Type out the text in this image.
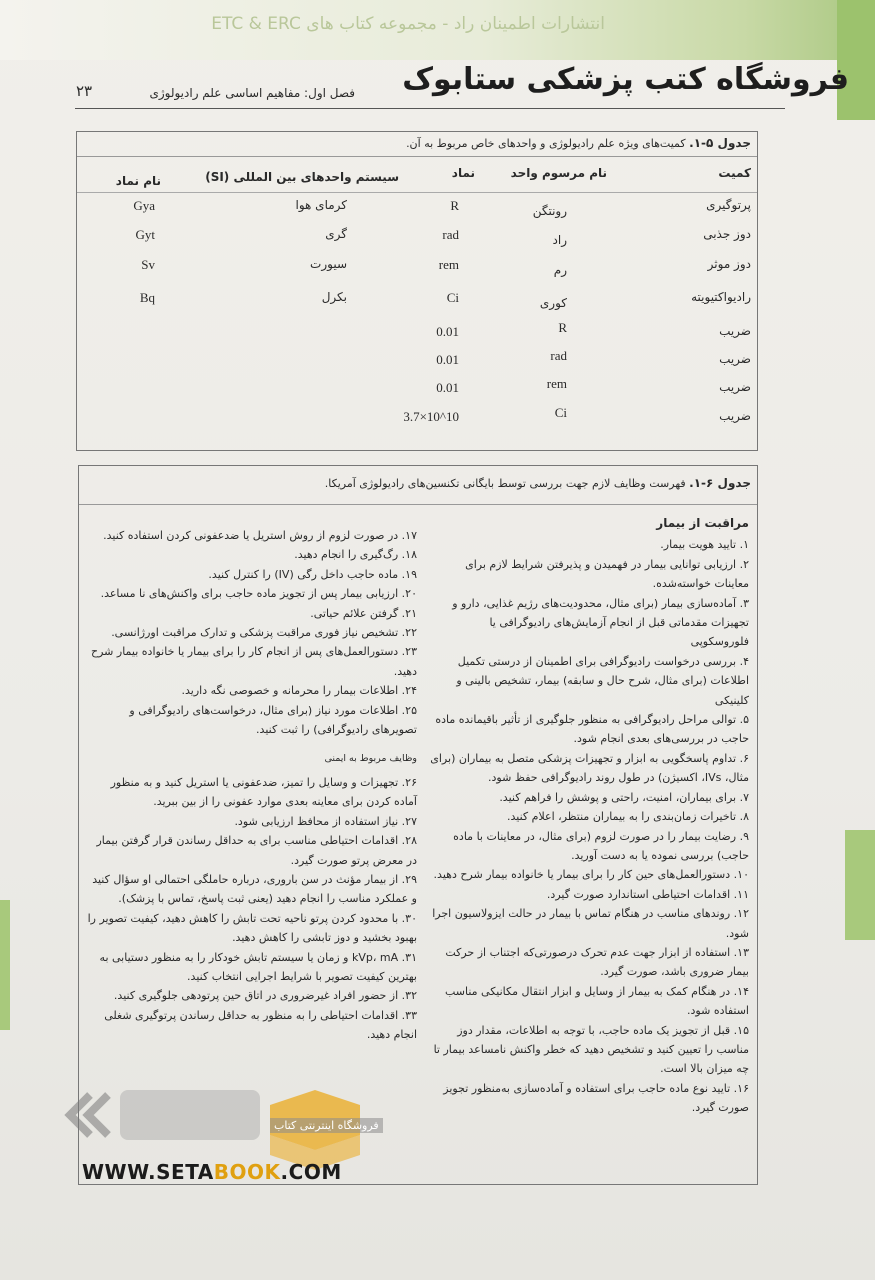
انتشارات اطمینان راد - مجموعه کتاب های ETC & ERC
فروشگاه کتب پزشکی ستابوک
فصل اول: مفاهیم اساسی علم رادیولوژی
۲۳
جدول ۵-۱. کمیت‌های ویژه علم رادیولوژی و واحدهای خاص مربوط به آن.
کمیت
نام مرسوم واحد
نماد
سیستم واحدهای بین المللی (SI)
نام نماد
پرتوگیری
رونتگن
R
کرمای هوا
Gya
دوز جذبی
راد
rad
گری
Gyt
دوز موثر
رم
rem
سیورت
Sv
رادیواکتیویته
کوری
Ci
بکرل
Bq
ضریب
R
0.01
ضریب
rad
0.01
ضریب
rem
0.01
ضریب
Ci
3.7×10^10
جدول ۶-۱. فهرست وظایف لازم جهت بررسی توسط بایگانی تکنسین‌های رادیولوژی آمریکا.

مراقبت از بیمار

۱. تایید هویت بیمار.

۲. ارزیابی توانایی بیمار در فهمیدن و پذیرفتن شرایط لازم برای معاینات خواسته‌شده.

۳. آماده‌سازی بیمار (برای مثال، محدودیت‌های رژیم غذایی، دارو و تجهیزات مقدماتی قبل از انجام آزمایش‌های رادیوگرافی یا فلوروسکوپی

۴. بررسی درخواست رادیوگرافی برای اطمینان از درستی تکمیل اطلاعات (برای مثال، شرح حال و سابقه) بیمار، تشخیص بالینی و کلینیکی

۵. توالی مراحل رادیوگرافی به منظور جلوگیری از تأثیر باقیمانده ماده حاجب در بررسی‌های بعدی انجام شود.

۶. تداوم پاسخگویی به ابزار و تجهیزات پزشکی متصل به بیماران (برای مثال، IVs، اکسیژن) در طول روند رادیوگرافی حفظ شود.

۷. برای بیماران، امنیت، راحتی و پوشش را فراهم کنید.

۸. تاخیرات زمان‌بندی را به بیماران منتظر، اعلام کنید.

۹. رضایت بیمار را در صورت لزوم (برای مثال، در معاینات با ماده حاجب) بررسی نموده یا به دست آورید.

۱۰. دستورالعمل‌های حین کار را برای بیمار یا خانواده بیمار شرح دهید.

۱۱. اقدامات احتیاطی استاندارد صورت گیرد.

۱۲. روندهای مناسب در هنگام تماس با بیمار در حالت ایزولاسیون اجرا شود.

۱۳. استفاده از ابزار جهت عدم تحرک درصورتی‌که اجتناب از حرکت بیمار ضروری باشد، صورت گیرد.

۱۴. در هنگام کمک به بیمار از وسایل و ابزار انتقال مکانیکی مناسب استفاده شود.

۱۵. قبل از تجویز یک ماده حاجب، با توجه به اطلاعات، مقدار دوز مناسب را تعیین کنید و تشخیص دهید که خطر واکنش نامساعد بیمار تا چه میزان بالا است.

۱۶. تایید نوع ماده حاجب برای استفاده و آماده‌سازی به‌منظور تجویز صورت گیرد.

۱۷. در صورت لزوم از روش استریل یا ضدعفونی کردن استفاده کنید.

۱۸. رگ‌گیری را انجام دهید.

۱۹. ماده حاجب داخل رگی (IV) را کنترل کنید.

۲۰. ارزیابی بیمار پس از تجویز ماده حاجب برای واکنش‌های نا مساعد.

۲۱. گرفتن علائم حیاتی.

۲۲. تشخیص نیاز فوری مراقبت پزشکی و تدارک مراقبت اورژانسی.

۲۳. دستورالعمل‌های پس از انجام کار را برای بیمار یا خانواده بیمار شرح دهید.

۲۴. اطلاعات بیمار را محرمانه و خصوصی نگه دارید.

۲۵. اطلاعات مورد نیاز (برای مثال، درخواست‌های رادیوگرافی و تصویرهای رادیوگرافی) را ثبت کنید.

وظایف مربوط به ایمنی

۲۶. تجهیزات و وسایل را تمیز، ضدعفونی یا استریل کنید و به منظور آماده کردن برای معاینه بعدی موارد عفونی را از بین ببرید.

۲۷. نیاز استفاده از محافظ ارزیابی شود.

۲۸. اقدامات احتیاطی مناسب برای به حداقل رساندن قرار گرفتن بیمار در معرض پرتو صورت گیرد.

۲۹. از بیمار مؤنث در سن باروری، درباره حاملگی احتمالی او سؤال کنید و عملکرد مناسب را انجام دهید (یعنی ثبت پاسخ، تماس با پزشک).

۳۰. با محدود کردن پرتو ناحیه تحت تابش را کاهش دهید، کیفیت تصویر را بهبود بخشید و دوز تابشی را کاهش دهید.

۳۱. kVp، mA و زمان یا سیستم تابش خودکار را به منظور دستیابی به بهترین کیفیت تصویر با شرایط اجرایی انتخاب کنید.

۳۲. از حضور افراد غیرضروری در اتاق حین پرتودهی جلوگیری کنید.

۳۳. اقدامات احتیاطی را به منظور به حداقل رساندن پرتوگیری شغلی انجام دهید.

فروشگاه اینترنتی کتاب
WWW.SETABOOK.COM
